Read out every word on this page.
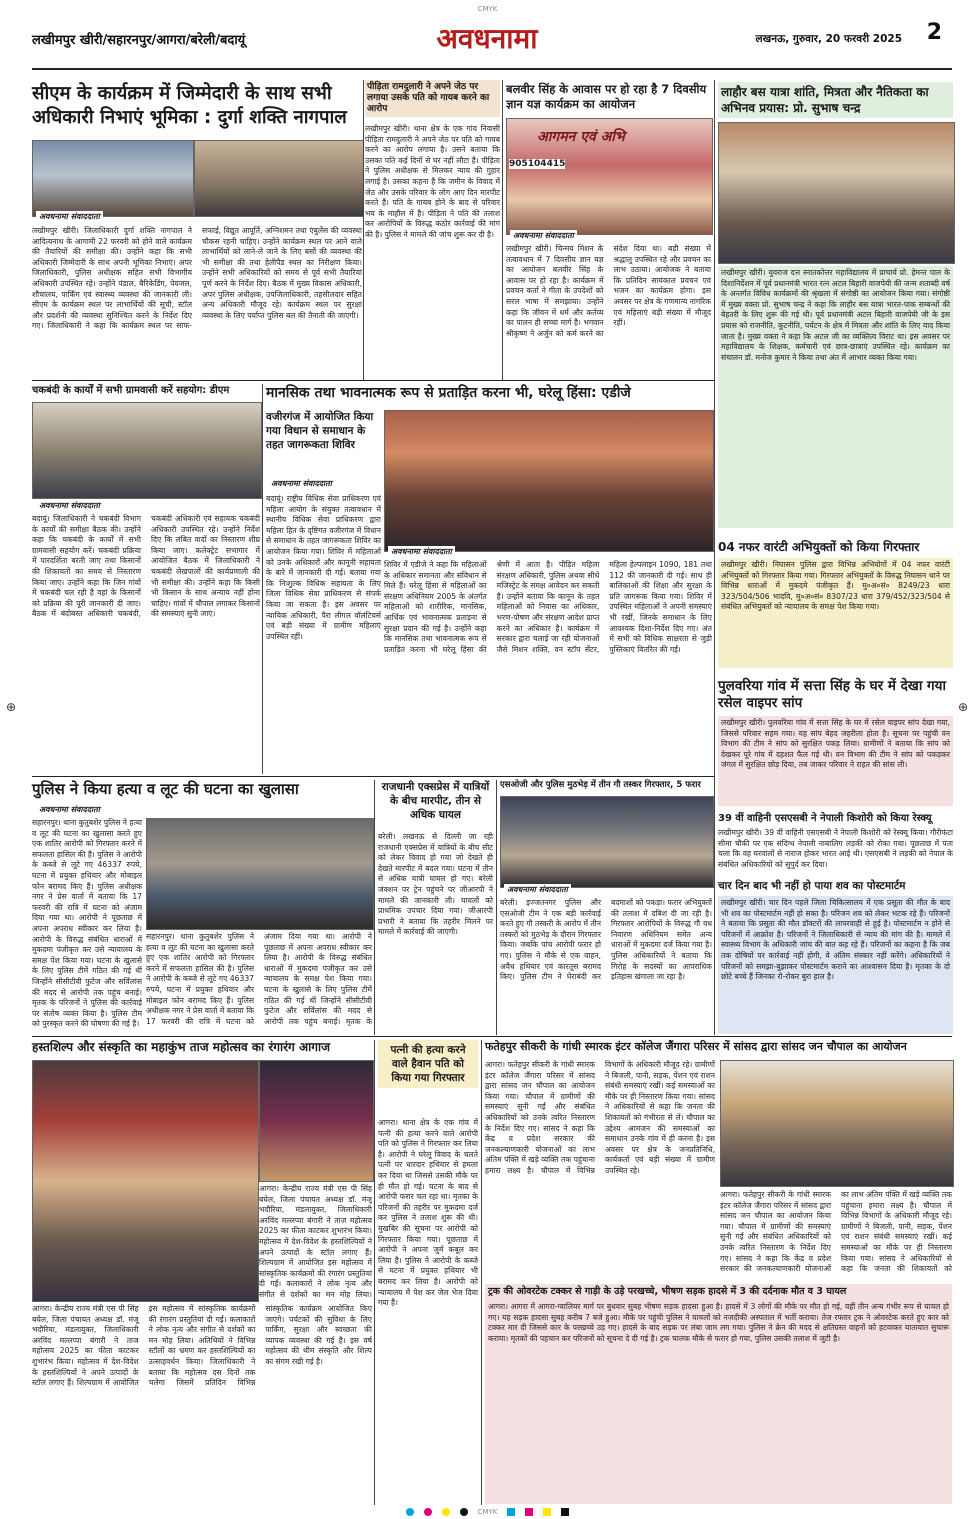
CMYK
⊕	⊕
लखीमपुर खीरी/सहारनपुर/आगरा/बरेली/बदायूं	अवधनामा	लखनऊ, गुरुवार, 20 फरवरी 2025	2
सीएम के कार्यक्रम में जिम्मेदारी के साथ सभी अधिकारी निभाएं भूमिका : दुर्गा शक्ति नागपाल
अवधनामा संवाददाता
लखीमपुर खीरी। जिलाधिकारी दुर्गा शक्ति नागपाल ने आदित्यनाथ के आगामी 22 फरवरी को होने वाले कार्यक्रम की तैयारियों की समीक्षा की। उन्होंने कहा कि सभी अधिकारी जिम्मेदारी के साथ अपनी भूमिका निभाएं। अपर जिलाधिकारी, पुलिस अधीक्षक सहित सभी विभागीय अधिकारी उपस्थित रहे। उन्होंने पंडाल, बैरिकेडिंग, पेयजल, शौचालय, पार्किंग एवं स्वास्थ्य व्यवस्था की जानकारी ली। सीएम के कार्यक्रम स्थल पर लाभार्थियों की सूची, स्टॉल और प्रदर्शनी की व्यवस्था सुनिश्चित करने के निर्देश दिए गए। जिलाधिकारी ने कहा कि कार्यक्रम स्थल पर साफ-सफाई, विद्युत आपूर्ति, अग्निशमन तथा एंबुलेंस की व्यवस्था चौकस रहनी चाहिए। उन्होंने कार्यक्रम स्थल पर आने वाले लाभार्थियों को लाने-ले जाने के लिए बसों की व्यवस्था की भी समीक्षा की तथा हेलीपैड स्थल का निरीक्षण किया। उन्होंने सभी अधिकारियों को समय से पूर्व सभी तैयारियां पूर्ण करने के निर्देश दिए। बैठक में मुख्य विकास अधिकारी, अपर पुलिस अधीक्षक, उपजिलाधिकारी, तहसीलदार सहित अन्य अधिकारी मौजूद रहे। कार्यक्रम स्थल पर सुरक्षा व्यवस्था के लिए पर्याप्त पुलिस बल की तैनाती की जाएगी।
पीड़िता रामदुलारी ने अपने जेठ पर लगाया उसके पति को गायब करने का आरोप
लखीमपुर खीरी। थाना क्षेत्र के एक गांव निवासी पीड़िता रामदुलारी ने अपने जेठ पर पति को गायब करने का आरोप लगाया है। उसने बताया कि उसका पति कई दिनों से घर नहीं लौटा है। पीड़िता ने पुलिस अधीक्षक से मिलकर न्याय की गुहार लगाई है। उसका कहना है कि जमीन के विवाद में जेठ और उसके परिवार के लोग आए दिन मारपीट करते हैं। पति के गायब होने के बाद से परिवार भय के माहौल में है। पीड़िता ने पति की तलाश कर आरोपियों के विरुद्ध कठोर कार्रवाई की मांग की है। पुलिस ने मामले की जांच शुरू कर दी है।
बलवीर सिंह के आवास पर हो रहा है 7 दिवसीय ज्ञान यज्ञ कार्यक्रम का आयोजन
आगमन एवं अभि
905104415
अवधनामा संवाददाता
लखीमपुर खीरी। चिन्मय मिशन के तत्वावधान में 7 दिवसीय ज्ञान यज्ञ का आयोजन बलवीर सिंह के आवास पर हो रहा है। कार्यक्रम में प्रवचन कर्ता ने गीता के उपदेशों को सरल भाषा में समझाया। उन्होंने कहा कि जीवन में धर्म और कर्तव्य का पालन ही सच्चा मार्ग है। भगवान श्रीकृष्ण ने अर्जुन को कर्म करने का संदेश दिया था। बड़ी संख्या में श्रद्धालु उपस्थित रहे और प्रवचन का लाभ उठाया। आयोजक ने बताया कि प्रतिदिन सायंकाल प्रवचन एवं भजन का कार्यक्रम होगा। इस अवसर पर क्षेत्र के गणमान्य नागरिक एवं महिलाएं बड़ी संख्या में मौजूद रहीं।
लाहौर बस यात्रा शांति, मित्रता और नैतिकता का अभिनव प्रयास: प्रो. सुभाष चन्द्र
लखीमपुर खीरी। युवराज दत्त स्नातकोत्तर महाविद्यालय में प्राचार्य प्रो. हेमन्त पाल के दिशानिर्देशन में पूर्व प्रधानमंत्री भारत रत्न अटल बिहारी वाजपेयी की जन्म शताब्दी वर्ष के अन्तर्गत विविध कार्यक्रमों की श्रृंखला में संगोष्ठी का आयोजन किया गया। संगोष्ठी में मुख्य वक्ता प्रो. सुभाष चन्द्र ने कहा कि लाहौर बस यात्रा भारत-पाक सम्बन्धों की बेहतरी के लिए शुरू की गई थी। पूर्व प्रधानमंत्री अटल बिहारी वाजपेयी जी के इस प्रयास को राजनीति, कूटनीति, पर्यटन के क्षेत्र में मित्रता और शांति के लिए याद किया जाता है। मुख्य वक्ता ने कहा कि अटल जी का व्यक्तित्व विराट था। इस अवसर पर महाविद्यालय के शिक्षक, कर्मचारी एवं छात्र-छात्राएं उपस्थित रहे। कार्यक्रम का संचालन डॉ. मनोज कुमार ने किया तथा अंत में आभार व्यक्त किया गया।
04 नफर वारंटी अभियुक्तों को किया गिरफ्तार
लखीमपुर खीरी। निघासन पुलिस द्वारा विभिन्न अभियोगों में 04 नफर वारंटी अभियुक्तों को गिरफ्तार किया गया। गिरफ्तार अभियुक्तों के विरुद्ध निघासन थाने पर विभिन्न धाराओं में मुकदमे पंजीकृत हैं। मु०अ०सं० 8249/23 धारा 323/504/506 भादवि, मु०अ०सं० 8307/23 धारा 379/452/323/504 से संबंधित अभियुक्तों को न्यायालय के समक्ष पेश किया गया।
पुलवरिया गांव में सत्ता सिंह के घर में देखा गया रसेल वाइपर सांप
लखीमपुर खीरी। पुलवरिया गांव में सत्ता सिंह के घर में रसेल वाइपर सांप देखा गया, जिससे परिवार सहम गया। यह सांप बेहद जहरीला होता है। सूचना पर पहुंची वन विभाग की टीम ने सांप को सुरक्षित पकड़ लिया। ग्रामीणों ने बताया कि सांप को देखकर पूरे गांव में दहशत फैल गई थी। वन विभाग की टीम ने सांप को पकड़कर जंगल में सुरक्षित छोड़ दिया, तब जाकर परिवार ने राहत की सांस ली।
39 वीं वाहिनी एसएसबी ने नेपाली किशोरी को किया रेस्क्यू
लखीमपुर खीरी। 39 वीं वाहिनी एसएसबी ने नेपाली किशोरी को रेस्क्यू किया। गौरीफंटा सीमा चौकी पर एक संदिग्ध नेपाली नाबालिग लड़की को रोका गया। पूछताछ में पता चला कि वह घरवालों से नाराज होकर भारत आई थी। एसएसबी ने लड़की को नेपाल के संबंधित अधिकारियों को सुपुर्द कर दिया।
चार दिन बाद भी नहीं हो पाया शव का पोस्टमार्टम
लखीमपुर खीरी। चार दिन पहले जिला चिकित्सालय में एक प्रसूता की मौत के बाद भी शव का पोस्टमार्टम नहीं हो सका है। परिजन शव को लेकर भटक रहे हैं। परिजनों ने बताया कि प्रसूता की मौत डॉक्टरों की लापरवाही से हुई है। पोस्टमार्टम न होने से परिजनों में आक्रोश है। परिजनों ने जिलाधिकारी से न्याय की मांग की है। मामले में स्वास्थ्य विभाग के अधिकारी जांच की बात कह रहे हैं। परिजनों का कहना है कि जब तक दोषियों पर कार्रवाई नहीं होगी, वे अंतिम संस्कार नहीं करेंगे। अधिकारियों ने परिजनों को समझा-बुझाकर पोस्टमार्टम कराने का आश्वासन दिया है। मृतका के दो छोटे बच्चे हैं जिनका रो-रोकर बुरा हाल है।
चकबंदी के कार्यों में सभी ग्रामवासी करें सहयोग: डीएम
अवधनामा संवाददाता
बदायूं। जिलाधिकारी ने चकबंदी विभाग के कार्यों की समीक्षा बैठक की। उन्होंने कहा कि चकबंदी के कार्यों में सभी ग्रामवासी सहयोग करें। चकबंदी प्रक्रिया में पारदर्शिता बरती जाए तथा किसानों की शिकायतों का समय से निस्तारण किया जाए। उन्होंने कहा कि जिन गांवों में चकबंदी चल रही है वहां के किसानों को प्रक्रिया की पूरी जानकारी दी जाए। बैठक में बंदोबस्त अधिकारी चकबंदी, चकबंदी अधिकारी एवं सहायक चकबंदी अधिकारी उपस्थित रहे। उन्होंने निर्देश दिए कि लंबित वादों का निस्तारण शीघ्र किया जाए। कलेक्ट्रेट सभागार में आयोजित बैठक में जिलाधिकारी ने चकबंदी लेखपालों की कार्यप्रणाली की भी समीक्षा की। उन्होंने कहा कि किसी भी किसान के साथ अन्याय नहीं होना चाहिए। गांवों में चौपाल लगाकर किसानों की समस्याएं सुनी जाएं।
मानसिक तथा भावनात्मक रूप से प्रताड़ित करना भी, घरेलू हिंसा: एडीजे
वजीरगंज में आयोजित किया गया विधान से समाधान के तहत जागरूकता शिविर
अवधनामा संवाददाता
बदायूं। राष्ट्रीय विधिक सेवा प्राधिकरण एवं महिला आयोग के संयुक्त तत्वावधान में स्थानीय विधिक सेवा प्राधिकरण द्वारा महिला हित के दृष्टिगत वजीरगंज में विधान से समाधान के तहत जागरूकता शिविर का आयोजन किया गया। शिविर में महिलाओं को उनके अधिकारों और कानूनी सहायता के बारे में जानकारी दी गई। बताया गया कि निःशुल्क विधिक सहायता के लिए जिला विधिक सेवा प्राधिकरण से संपर्क किया जा सकता है। इस अवसर पर न्यायिक अधिकारी, पैरा लीगल वॉलंटियर्स एवं बड़ी संख्या में ग्रामीण महिलाएं उपस्थित रहीं।
अवधनामा संवाददाता
शिविर में एडीजे ने कहा कि महिलाओं के अधिकार समानता और संविधान से मिले हैं। घरेलू हिंसा से महिलाओं का संरक्षण अधिनियम 2005 के अंतर्गत महिलाओं को शारीरिक, मानसिक, आर्थिक एवं भावनात्मक प्रताड़ना से सुरक्षा प्रदान की गई है। उन्होंने कहा कि मानसिक तथा भावनात्मक रूप से प्रताड़ित करना भी घरेलू हिंसा की श्रेणी में आता है। पीड़ित महिला संरक्षण अधिकारी, पुलिस अथवा सीधे मजिस्ट्रेट के समक्ष आवेदन कर सकती है। उन्होंने बताया कि कानून के तहत महिलाओं को निवास का अधिकार, भरण-पोषण और संरक्षण आदेश प्राप्त करने का अधिकार है। कार्यक्रम में सरकार द्वारा चलाई जा रही योजनाओं जैसे मिशन शक्ति, वन स्टॉप सेंटर, महिला हेल्पलाइन 1090, 181 तथा 112 की जानकारी दी गई। साथ ही बालिकाओं की शिक्षा और सुरक्षा के प्रति जागरूक किया गया। शिविर में उपस्थित महिलाओं ने अपनी समस्याएं भी रखीं, जिनके समाधान के लिए आवश्यक दिशा-निर्देश दिए गए। अंत में सभी को विधिक साक्षरता से जुड़ी पुस्तिकाएं वितरित की गईं।
पुलिस ने किया हत्या व लूट की घटना का खुलासा
अवधनामा संवाददाता
सहारनपुर। थाना कुतुबशेर पुलिस ने हत्या व लूट की घटना का खुलासा करते हुए एक शातिर आरोपी को गिरफ्तार करने में सफलता हासिल की है। पुलिस ने आरोपी के कब्जे से लूटे गए 46337 रुपये, घटना में प्रयुक्त हथियार और मोबाइल फोन बरामद किए हैं। पुलिस अधीक्षक नगर ने प्रेस वार्ता में बताया कि 17 फरवरी की रात्रि में घटना को अंजाम दिया गया था। आरोपी ने पूछताछ में अपना अपराध स्वीकार कर लिया है। आरोपी के विरुद्ध संबंधित धाराओं में मुकदमा पंजीकृत कर उसे न्यायालय के समक्ष पेश किया गया। घटना के खुलासे के लिए पुलिस टीमें गठित की गई थीं जिन्होंने सीसीटीवी फुटेज और सर्विलांस की मदद से आरोपी तक पहुंच बनाई। मृतक के परिजनों ने पुलिस की कार्रवाई पर संतोष व्यक्त किया है। पुलिस टीम को पुरस्कृत करने की घोषणा की गई है।
सहारनपुर। थाना कुतुबशेर पुलिस ने हत्या व लूट की घटना का खुलासा करते हुए एक शातिर आरोपी को गिरफ्तार करने में सफलता हासिल की है। पुलिस ने आरोपी के कब्जे से लूटे गए 46337 रुपये, घटना में प्रयुक्त हथियार और मोबाइल फोन बरामद किए हैं। पुलिस अधीक्षक नगर ने प्रेस वार्ता में बताया कि 17 फरवरी की रात्रि में घटना को अंजाम दिया गया था। आरोपी ने पूछताछ में अपना अपराध स्वीकार कर लिया है। आरोपी के विरुद्ध संबंधित धाराओं में मुकदमा पंजीकृत कर उसे न्यायालय के समक्ष पेश किया गया। घटना के खुलासे के लिए पुलिस टीमें गठित की गई थीं जिन्होंने सीसीटीवी फुटेज और सर्विलांस की मदद से आरोपी तक पहुंच बनाई। मृतक के
राजधानी एक्सप्रेस में यात्रियों के बीच मारपीट, तीन से अधिक घायल
बरेली। लखनऊ से दिल्ली जा रही राजधानी एक्सप्रेस में यात्रियों के बीच सीट को लेकर विवाद हो गया जो देखते ही देखते मारपीट में बदल गया। घटना में तीन से अधिक यात्री घायल हो गए। बरेली जंक्शन पर ट्रेन पहुंचने पर जीआरपी ने मामले की जानकारी ली। घायलों को प्राथमिक उपचार दिया गया। जीआरपी प्रभारी ने बताया कि तहरीर मिलने पर मामले में कार्रवाई की जाएगी।
एसओजी और पुलिस मुठभेड़ में तीन गौ तस्कर गिरफ्तार, 5 फरार
अवधनामा संवाददाता
बरेली। इज्जतनगर पुलिस और एसओजी टीम ने एक बड़ी कार्रवाई करते हुए गौ तस्करी के आरोप में तीन तस्करों को मुठभेड़ के दौरान गिरफ्तार किया। जबकि पांच आरोपी फरार हो गए। पुलिस ने मौके से एक वाहन, अवैध हथियार एवं कारतूस बरामद किए। पुलिस टीम ने घेराबंदी कर बदमाशों को पकड़ा। फरार अभियुक्तों की तलाश में दबिश दी जा रही है। गिरफ्तार आरोपियों के विरुद्ध गौ वध निवारण अधिनियम समेत अन्य धाराओं में मुकदमा दर्ज किया गया है। पुलिस अधिकारियों ने बताया कि गिरोह के सदस्यों का आपराधिक इतिहास खंगाला जा रहा है।
हस्तशिल्प और संस्कृति का महाकुंभ ताज महोत्सव का रंगारंग आगाज
आगरा। केन्द्रीय राज्य मंत्री एस पी सिंह बघेल, जिला पंचायत अध्यक्ष डॉ. मंजू भदौरिया, मंडलायुक्त, जिलाधिकारी अरविंद मल्लप्पा बंगारी ने ताज महोत्सव 2025 का फीता काटकर शुभारंभ किया। महोत्सव में देश-विदेश के हस्तशिल्पियों ने अपने उत्पादों के स्टॉल लगाए हैं। शिल्पग्राम में आयोजित इस महोत्सव में सांस्कृतिक कार्यक्रमों की रंगारंग प्रस्तुतियां दी गईं। कलाकारों ने लोक नृत्य और संगीत से दर्शकों का मन मोह लिया।
आगरा। केन्द्रीय राज्य मंत्री एस पी सिंह बघेल, जिला पंचायत अध्यक्ष डॉ. मंजू भदौरिया, मंडलायुक्त, जिलाधिकारी अरविंद मल्लप्पा बंगारी ने ताज महोत्सव 2025 का फीता काटकर शुभारंभ किया। महोत्सव में देश-विदेश के हस्तशिल्पियों ने अपने उत्पादों के स्टॉल लगाए हैं। शिल्पग्राम में आयोजित इस महोत्सव में सांस्कृतिक कार्यक्रमों की रंगारंग प्रस्तुतियां दी गईं। कलाकारों ने लोक नृत्य और संगीत से दर्शकों का मन मोह लिया। अतिथियों ने विभिन्न स्टॉलों का भ्रमण कर हस्तशिल्पियों का उत्साहवर्धन किया। जिलाधिकारी ने बताया कि महोत्सव दस दिनों तक चलेगा जिसमें प्रतिदिन विभिन्न सांस्कृतिक कार्यक्रम आयोजित किए जाएंगे। पर्यटकों की सुविधा के लिए पार्किंग, सुरक्षा और स्वच्छता की व्यापक व्यवस्था की गई है। इस वर्ष महोत्सव की थीम संस्कृति और शिल्प का संगम रखी गई है।
पत्नी की हत्या करने वाले हैवान पति को किया गया गिरफ्तार
आगरा। थाना क्षेत्र के एक गांव में पत्नी की हत्या करने वाले आरोपी पति को पुलिस ने गिरफ्तार कर लिया है। आरोपी ने घरेलू विवाद के चलते पत्नी पर धारदार हथियार से हमला कर दिया था जिससे उसकी मौके पर ही मौत हो गई। घटना के बाद से आरोपी फरार चल रहा था। मृतका के परिजनों की तहरीर पर मुकदमा दर्ज कर पुलिस ने तलाश शुरू की थी। मुखबिर की सूचना पर आरोपी को गिरफ्तार किया गया। पूछताछ में आरोपी ने अपना जुर्म कबूल कर लिया है। पुलिस ने आरोपी के कब्जे से घटना में प्रयुक्त हथियार भी बरामद कर लिया है। आरोपी को न्यायालय में पेश कर जेल भेज दिया गया है।
फतेहपुर सीकरी के गांधी स्मारक इंटर कॉलेज जैंगारा परिसर में सांसद द्वारा सांसद जन चौपाल का आयोजन
आगरा। फतेहपुर सीकरी के गांधी स्मारक इंटर कॉलेज जैंगारा परिसर में सांसद द्वारा सांसद जन चौपाल का आयोजन किया गया। चौपाल में ग्रामीणों की समस्याएं सुनी गईं और संबंधित अधिकारियों को उनके त्वरित निस्तारण के निर्देश दिए गए। सांसद ने कहा कि केंद्र व प्रदेश सरकार की जनकल्याणकारी योजनाओं का लाभ अंतिम पंक्ति में खड़े व्यक्ति तक पहुंचाना हमारा लक्ष्य है। चौपाल में विभिन्न विभागों के अधिकारी मौजूद रहे। ग्रामीणों ने बिजली, पानी, सड़क, पेंशन एवं राशन संबंधी समस्याएं रखीं। कई समस्याओं का मौके पर ही निस्तारण किया गया। सांसद ने अधिकारियों से कहा कि जनता की शिकायतों को गंभीरता से लें। चौपाल का उद्देश्य आमजन की समस्याओं का समाधान उनके गांव में ही करना है। इस अवसर पर क्षेत्र के जनप्रतिनिधि, कार्यकर्ता एवं बड़ी संख्या में ग्रामीण उपस्थित रहे।
आगरा। फतेहपुर सीकरी के गांधी स्मारक इंटर कॉलेज जैंगारा परिसर में सांसद द्वारा सांसद जन चौपाल का आयोजन किया गया। चौपाल में ग्रामीणों की समस्याएं सुनी गईं और संबंधित अधिकारियों को उनके त्वरित निस्तारण के निर्देश दिए गए। सांसद ने कहा कि केंद्र व प्रदेश सरकार की जनकल्याणकारी योजनाओं का लाभ अंतिम पंक्ति में खड़े व्यक्ति तक पहुंचाना हमारा लक्ष्य है। चौपाल में विभिन्न विभागों के अधिकारी मौजूद रहे। ग्रामीणों ने बिजली, पानी, सड़क, पेंशन एवं राशन संबंधी समस्याएं रखीं। कई समस्याओं का मौके पर ही निस्तारण किया गया। सांसद ने अधिकारियों से कहा कि जनता की शिकायतों को
ट्रक की ओवरटेक टक्कर से गाड़ी के उड़े परखच्चे, भीषण सड़क हादसे में 3 की दर्दनाक मौत व 3 घायल
आगरा। आगरा में आगरा-ग्वालियर मार्ग पर बुधवार सुबह भीषण सड़क हादसा हुआ है। हादसे में 3 लोगों की मौके पर मौत हो गई, वहीं तीन अन्य गंभीर रूप से घायल हो गए। यह सड़क हादसा सुबह करीब 7 बजे हुआ। मौके पर पहुंची पुलिस ने घायलों को नजदीकी अस्पताल में भर्ती कराया। तेज रफ्तार ट्रक ने ओवरटेक करते हुए कार को टक्कर मार दी जिससे कार के परखच्चे उड़ गए। हादसे के बाद सड़क पर लंबा जाम लग गया। पुलिस ने क्रेन की मदद से क्षतिग्रस्त वाहनों को हटवाकर यातायात सुचारू कराया। मृतकों की पहचान कर परिजनों को सूचना दे दी गई है। ट्रक चालक मौके से फरार हो गया, पुलिस उसकी तलाश में जुटी है।
CMYK
